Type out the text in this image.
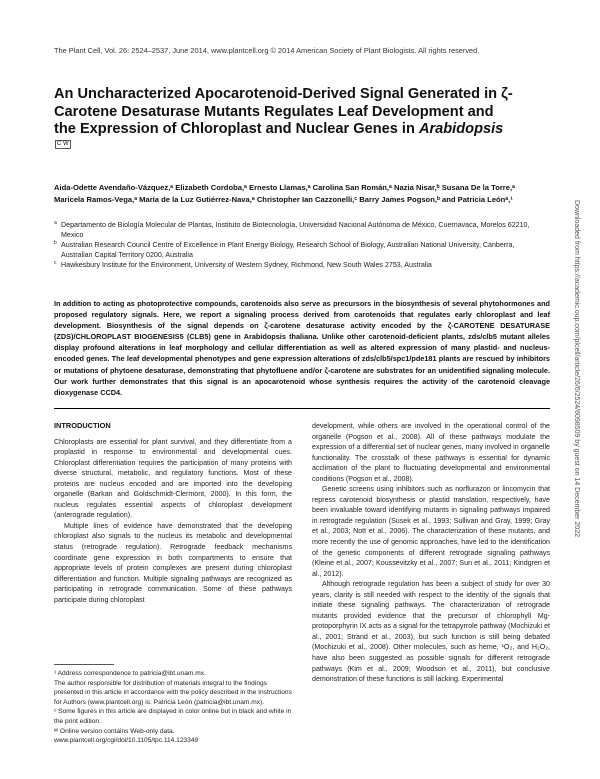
The Plant Cell, Vol. 26: 2524–2537, June 2014, www.plantcell.org © 2014 American Society of Plant Biologists. All rights reserved.
An Uncharacterized Apocarotenoid-Derived Signal Generated in ζ-Carotene Desaturase Mutants Regulates Leaf Development and the Expression of Chloroplast and Nuclear Genes in ArabidopsisC W
Aida-Odette Avendaño-Vázquez,ᵃ Elizabeth Cordoba,ᵃ Ernesto Llamas,ᵃ Carolina San Román,ᵃ Nazia Nisar,ᵇ Susana De la Torre,ᵃ Maricela Ramos-Vega,ᵃ María de la Luz Gutiérrez-Nava,ᵃ Christopher Ian Cazzonelli,ᶜ Barry James Pogson,ᵇ and Patricia Leónᵃ,¹
a Departamento de Biología Molecular de Plantas, Instituto de Biotecnología, Universidad Nacional Autónoma de México, Cuernavaca, Morelos 62210, Mexico
b Australian Research Council Centre of Excellence in Plant Energy Biology, Research School of Biology, Australian National University, Canberra, Australian Capital Territory 0200, Australia
c Hawkesbury Institute for the Environment, University of Western Sydney, Richmond, New South Wales 2753, Australia
In addition to acting as photoprotective compounds, carotenoids also serve as precursors in the biosynthesis of several phytohormones and proposed regulatory signals. Here, we report a signaling process derived from carotenoids that regulates early chloroplast and leaf development. Biosynthesis of the signal depends on ζ-carotene desaturase activity encoded by the ζ-CAROTENE DESATURASE (ZDS)/CHLOROPLAST BIOGENESIS5 (CLB5) gene in Arabidopsis thaliana. Unlike other carotenoid-deficient plants, zds/clb5 mutant alleles display profound alterations in leaf morphology and cellular differentiation as well as altered expression of many plastid- and nucleus-encoded genes. The leaf developmental phenotypes and gene expression alterations of zds/clb5/spc1/pde181 plants are rescued by inhibitors or mutations of phytoene desaturase, demonstrating that phytofluene and/or ζ-carotene are substrates for an unidentified signaling molecule. Our work further demonstrates that this signal is an apocarotenoid whose synthesis requires the activity of the carotenoid cleavage dioxygenase CCD4.
INTRODUCTION

Chloroplasts are essential for plant survival, and they differentiate from a proplastid in response to environmental and developmental cues. Chloroplast differentiation requires the participation of many proteins with diverse structural, metabolic, and regulatory functions. Most of these proteins are nucleus encoded and are imported into the developing organelle (Barkan and Goldschmidt-Clermont, 2000). In this form, the nucleus regulates essential aspects of chloroplast development (anterograde regulation).

Multiple lines of evidence have demonstrated that the developing chloroplast also signals to the nucleus its metabolic and developmental status (retrograde regulation). Retrograde feedback mechanisms coordinate gene expression in both compartments to ensure that appropriate levels of protein complexes are present during chloroplast differentiation and function. Multiple signaling pathways are recognized as participating in retrograde communication. Some of these pathways participate during chloroplast

development, while others are involved in the operational control of the organelle (Pogson et al., 2008). All of these pathways modulate the expression of a differential set of nuclear genes, many involved in organelle functionality. The crosstalk of these pathways is essential for dynamic acclimation of the plant to fluctuating developmental and environmental conditions (Pogson et al., 2008).

Genetic screens using inhibitors such as norflurazon or lincomycin that repress carotenoid biosynthesis or plastid translation, respectively, have been invaluable toward identifying mutants in signaling pathways impaired in retrograde regulation (Susek et al., 1993; Sullivan and Gray, 1999; Gray et al., 2003; Nott et al., 2006). The characterization of these mutants, and more recently the use of genomic approaches, have led to the identification of the genetic components of different retrograde signaling pathways (Kleine et al., 2007; Koussevitzky et al., 2007; Sun et al., 2011; Kindgren et al., 2012).

Although retrograde regulation has been a subject of study for over 30 years, clarity is still needed with respect to the identity of the signals that initiate these signaling pathways. The characterization of retrograde mutants provided evidence that the precursor of chlorophyll Mg-protoporphyrin IX acts as a signal for the tetrapyrrole pathway (Mochizuki et al., 2001; Strand et al., 2003), but such function is still being debated (Mochizuki et al., 2008). Other molecules, such as heme, ¹O₂, and H₂O₂, have also been suggested as possible signals for different retrograde pathways (Kim et al., 2009; Woodson et al., 2011), but conclusive demonstration of these functions is still lacking. Experimental

¹ Address correspondence to patricia@ibt.unam.mx.
The author responsible for distribution of materials integral to the findings presented in this article in accordance with the policy described in the Instructions for Authors (www.plantcell.org) is: Patricia León (patricia@ibt.unam.mx).
ᶜ Some figures in this article are displayed in color online but in black and white in the print edition.
ᵂ Online version contains Web-only data.
www.plantcell.org/cgi/doi/10.1105/tpc.114.123349
Downloaded from https://academic.oup.com/plcell/article/26/6/2524/6098509 by guest on 14 December 2022
